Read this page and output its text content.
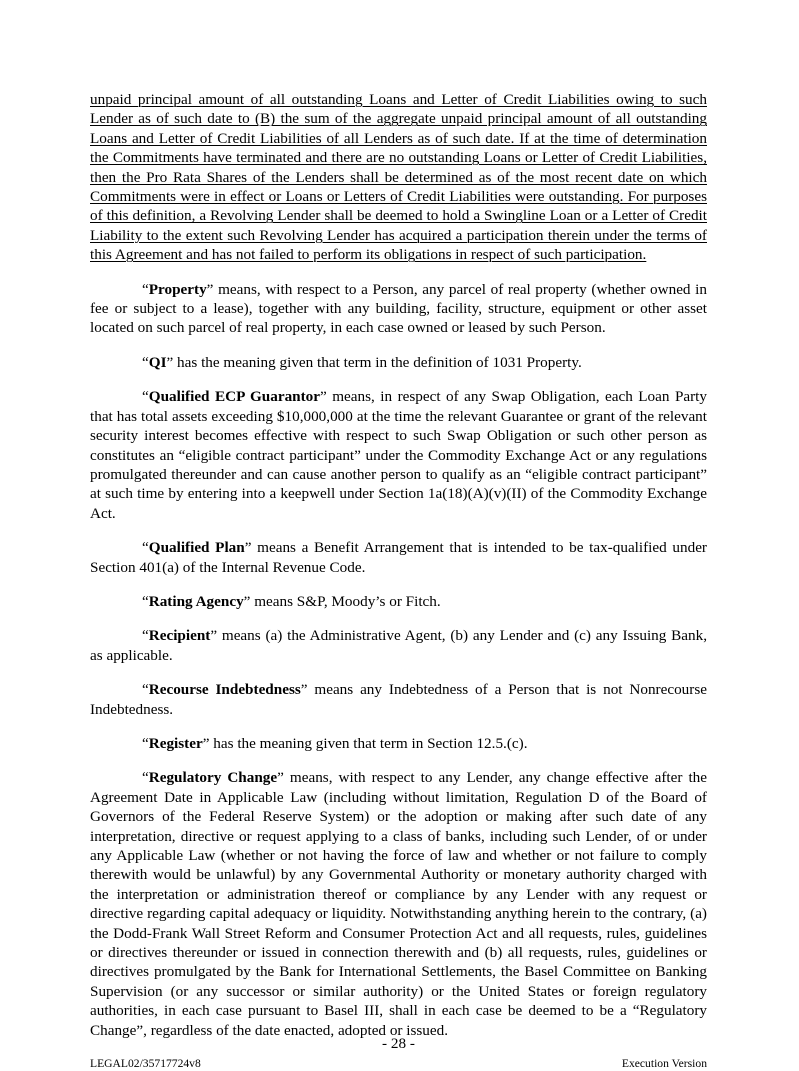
unpaid principal amount of all outstanding Loans and Letter of Credit Liabilities owing to such Lender as of such date to (B) the sum of the aggregate unpaid principal amount of all outstanding Loans and Letter of Credit Liabilities of all Lenders as of such date. If at the time of determination the Commitments have terminated and there are no outstanding Loans or Letter of Credit Liabilities, then the Pro Rata Shares of the Lenders shall be determined as of the most recent date on which Commitments were in effect or Loans or Letters of Credit Liabilities were outstanding. For purposes of this definition, a Revolving Lender shall be deemed to hold a Swingline Loan or a Letter of Credit Liability to the extent such Revolving Lender has acquired a participation therein under the terms of this Agreement and has not failed to perform its obligations in respect of such participation.

“Property” means, with respect to a Person, any parcel of real property (whether owned in fee or subject to a lease), together with any building, facility, structure, equipment or other asset located on such parcel of real property, in each case owned or leased by such Person.

“QI” has the meaning given that term in the definition of 1031 Property.

“Qualified ECP Guarantor” means, in respect of any Swap Obligation, each Loan Party that has total assets exceeding $10,000,000 at the time the relevant Guarantee or grant of the relevant security interest becomes effective with respect to such Swap Obligation or such other person as constitutes an “eligible contract participant” under the Commodity Exchange Act or any regulations promulgated thereunder and can cause another person to qualify as an “eligible contract participant” at such time by entering into a keepwell under Section 1a(18)(A)(v)(II) of the Commodity Exchange Act.

“Qualified Plan” means a Benefit Arrangement that is intended to be tax-qualified under Section 401(a) of the Internal Revenue Code.

“Rating Agency” means S&P, Moody’s or Fitch.

“Recipient” means (a) the Administrative Agent, (b) any Lender and (c) any Issuing Bank, as applicable.

“Recourse Indebtedness” means any Indebtedness of a Person that is not Nonrecourse Indebtedness.

“Register” has the meaning given that term in Section 12.5.(c).

“Regulatory Change” means, with respect to any Lender, any change effective after the Agreement Date in Applicable Law (including without limitation, Regulation D of the Board of Governors of the Federal Reserve System) or the adoption or making after such date of any interpretation, directive or request applying to a class of banks, including such Lender, of or under any Applicable Law (whether or not having the force of law and whether or not failure to comply therewith would be unlawful) by any Governmental Authority or monetary authority charged with the interpretation or administration thereof or compliance by any Lender with any request or directive regarding capital adequacy or liquidity. Notwithstanding anything herein to the contrary, (a) the Dodd-Frank Wall Street Reform and Consumer Protection Act and all requests, rules, guidelines or directives thereunder or issued in connection therewith and (b) all requests, rules, guidelines or directives promulgated by the Bank for International Settlements, the Basel Committee on Banking Supervision (or any successor or similar authority) or the United States or foreign regulatory authorities, in each case pursuant to Basel III, shall in each case be deemed to be a “Regulatory Change”, regardless of the date enacted, adopted or issued.

- 28 -
LEGAL02/35717724v8	Execution Version
